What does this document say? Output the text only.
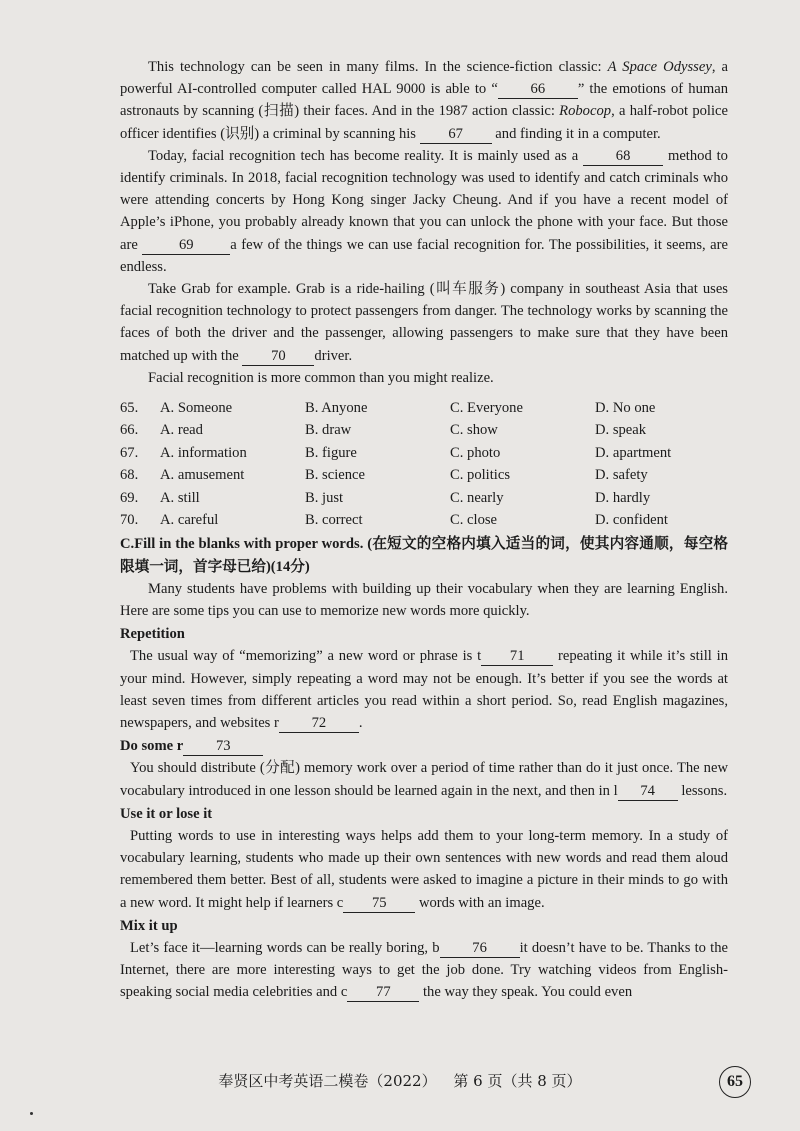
This technology can be seen in many films. In the science-fiction classic: A Space Odyssey, a powerful AI-controlled computer called HAL 9000 is able to “ 66 ” the emotions of human astronauts by scanning (扫描) their faces. And in the 1987 action classic: Robocop, a half-robot police officer identifies (识别) a criminal by scanning his 67 and finding it in a computer.

Today, facial recognition tech has become reality. It is mainly used as a 68 method to identify criminals. In 2018, facial recognition technology was used to identify and catch criminals who were attending concerts by Hong Kong singer Jacky Cheung. And if you have a recent model of Apple’s iPhone, you probably already known that you can unlock the phone with your face. But those are	69	a few of the things we can use facial recognition for. The possibilities, it seems, are endless.

Take Grab for example. Grab is a ride-hailing (叫车服务) company in southeast Asia that uses facial recognition technology to protect passengers from danger. The technology works by scanning the faces of both the driver and the passenger, allowing passengers to make sure that they have been matched up with the 70 driver.

Facial recognition is more common than you might realize.

65.	A. Someone	B. Anyone	C. Everyone	D. No one
66.	A. read	B. draw	C. show	D. speak
67.	A. information	B. figure	C. photo	D. apartment
68.	A. amusement	B. science	C. politics	D. safety
69.	A. still	B. just	C. nearly	D. hardly
70.	A. careful	B. correct	C. close	D. confident

C.Fill in the blanks with proper words. (在短文的空格内填入适当的词，使其内容通顺，每空格限填一词，首字母已给)(14分)

Many students have problems with building up their vocabulary when they are learning English. Here are some tips you can use to memorize new words more quickly.

Repetition

The usual way of “memorizing” a new word or phrase is t 71 repeating it while it’s still in your mind. However, simply repeating a word may not be enough. It’s better if you see the words at least seven times from different articles you read within a short period. So, read English magazines, newspapers, and websites r 72 .

Do some r 73

You should distribute (分配) memory work over a period of time rather than do it just once. The new vocabulary introduced in one lesson should be learned again in the next, and then in l 74 lessons.

Use it or lose it

Putting words to use in interesting ways helps add them to your long-term memory. In a study of vocabulary learning, students who made up their own sentences with new words and read them aloud remembered them better. Best of all, students were asked to imagine a picture in their minds to go with a new word. It might help if learners c 75 words with an image.

Mix it up

Let’s face it—learning words can be really boring, b 76 it doesn’t have to be. Thanks to the Internet, there are more interesting ways to get the job done. Try watching videos from English-speaking social media celebrities and c 77 the way they speak. You could even

奉贤区中考英语二模卷（2022） 第 6 页（共 8 页）	65
